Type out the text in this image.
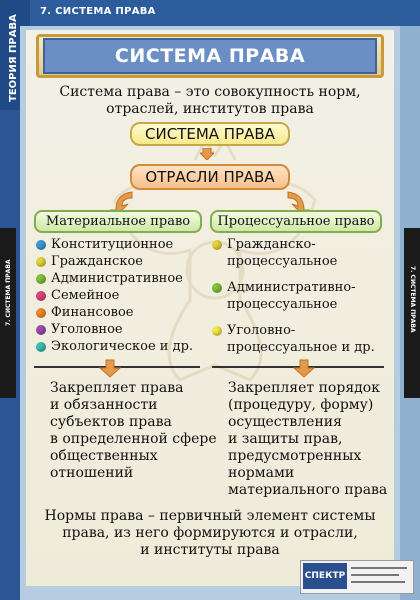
ТЕОРИЯ ПРАВА
7. СИСТЕМА ПРАВА
7. СИСТЕМА ПРАВА	7. СИСТЕМА ПРАВА
СИСТЕМА ПРАВА
Система права – это совокупность норм,
отраслей, институтов права
СИСТЕМА ПРАВА
ОТРАСЛИ ПРАВА
Материальное право Процессуальное право
Конституционное
Гражданское
Административное
Семейное
Финансовое
Уголовное
Экологическое и др.
Гражданско-
процессуальное
Административно-
процессуальное
Уголовно-
процессуальное и др.
Закрепляет права
и обязанности
субъектов права
в определенной сфере
общественных
отношений
Закрепляет порядок
(процедуру, форму)
осуществления
и защиты прав,
предусмотренных
нормами
материального права
Нормы права – первичный элемент системы
права, из него формируются и отрасли,
и институты права
СПЕКТР
